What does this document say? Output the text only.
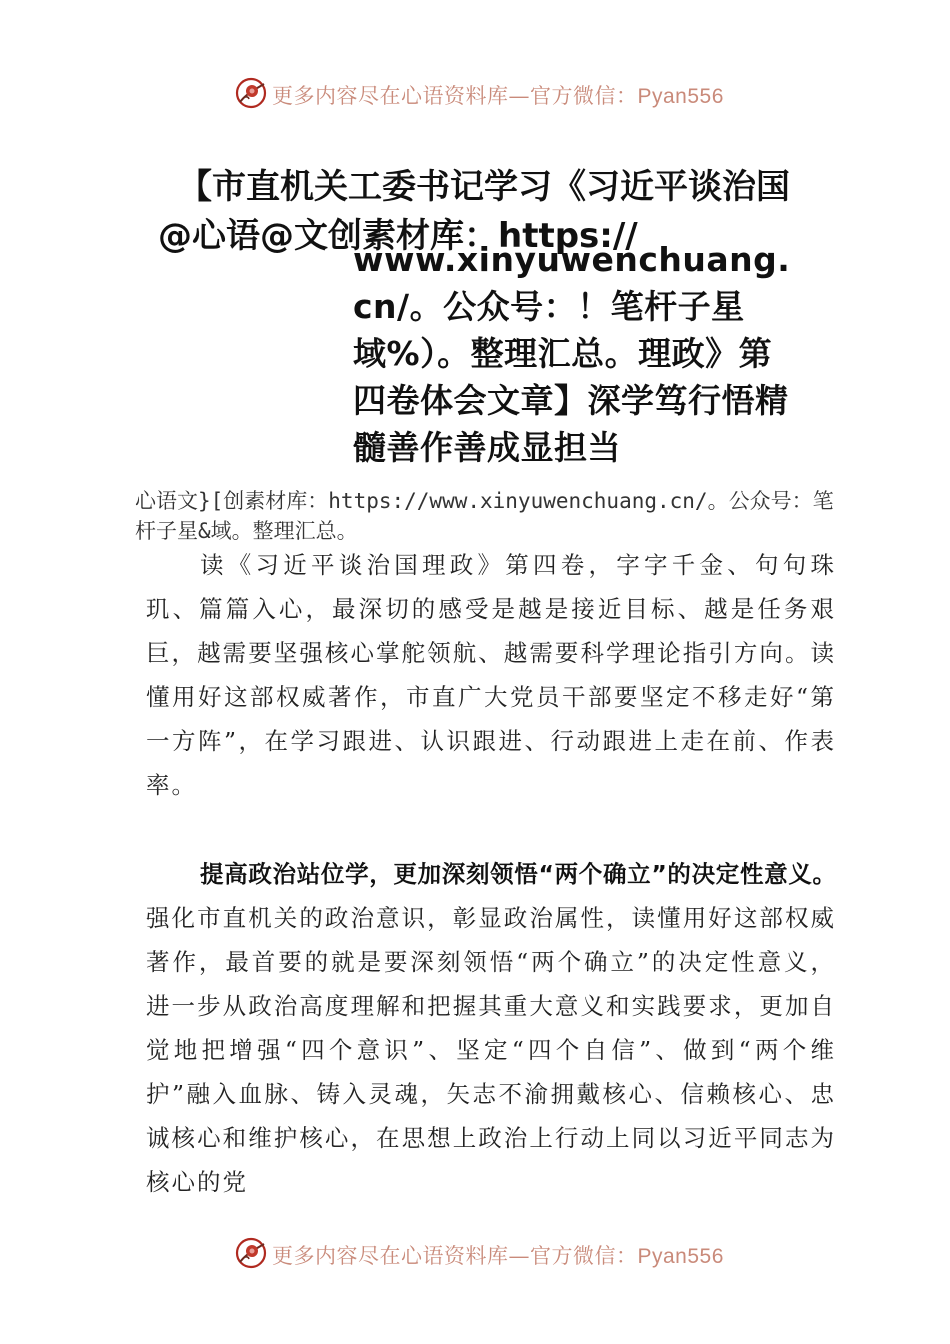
更多内容尽在心语资料库—官方微信：Pyan556
【市直机关工委书记学习《习近平谈治国
@心语@文创素材库：https://
www.xinyuwenchuang.cn/。公众号：！笔杆子星域%）。整理汇总。理政》第四卷体会文章】深学笃行悟精髓善作善成显担当
心语文}[创素材库：https://www.xinyuwenchuang.cn/。公众号：笔杆子星&域。整理汇总。
读《习近平谈治国理政》第四卷，字字千金、句句珠玑、篇篇入心，最深切的感受是越是接近目标、越是任务艰巨，越需要坚强核心掌舵领航、越需要科学理论指引方向。读懂用好这部权威著作，市直广大党员干部要坚定不移走好“第一方阵”，在学习跟进、认识跟进、行动跟进上走在前、作表率。
提高政治站位学，更加深刻领悟“两个确立”的决定性意义。强化市直机关的政治意识，彰显政治属性，读懂用好这部权威著作，最首要的就是要深刻领悟“两个确立”的决定性意义，进一步从政治高度理解和把握其重大意义和实践要求，更加自觉地把增强“四个意识”、坚定“四个自信”、做到“两个维护”融入血脉、铸入灵魂，矢志不渝拥戴核心、信赖核心、忠诚核心和维护核心，在思想上政治上行动上同以习近平同志为核心的党
更多内容尽在心语资料库—官方微信：Pyan556
